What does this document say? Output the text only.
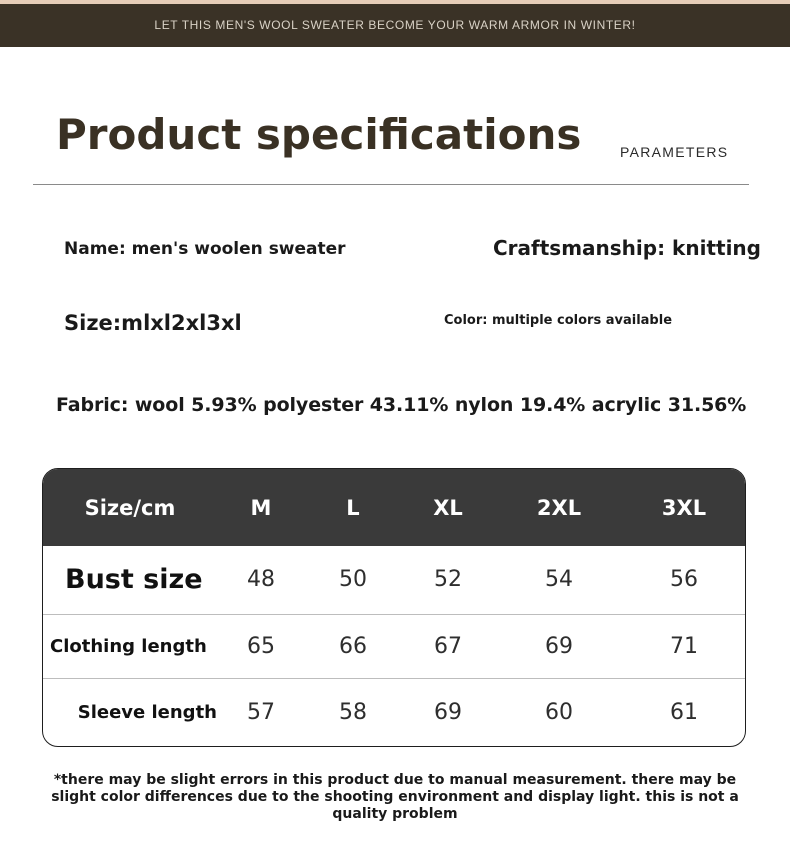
LET THIS MEN'S WOOL SWEATER BECOME YOUR WARM ARMOR IN WINTER!
Product specifications	PARAMETERS
Name: men's woolen sweater	Craftsmanship: knitting
Size:mlxl2xl3xl	Color: multiple colors available
Fabric: wool 5.93% polyester 43.11% nylon 19.4% acrylic 31.56%
Size/cm	M	L	XL	2XL	3XL
Bust size	48	50	52	54	56
Clothing length	65	66	67	69	71
Sleeve length	57	58	69	60	61
*there may be slight errors in this product due to manual measurement. there may be slight color differences due to the shooting environment and display light. this is not a quality problem
